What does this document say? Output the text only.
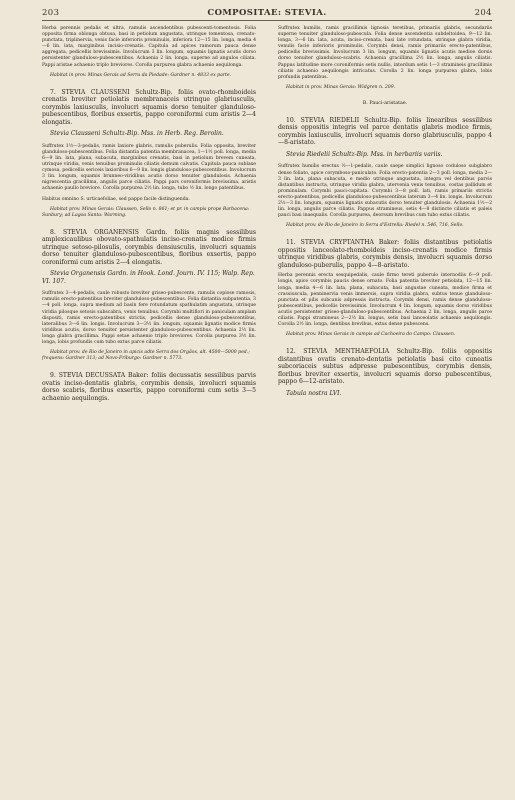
203	COMPOSITAE: STEVIA.	204

Herba perennis pedalis et ultra, ramulis ascendentibus pubescenti-tomentosis. Folia opposita firma oblonga obtusa, basi in petiolum angustata, utrinque tomentosa, crenato-punctata, triplinervia, venis facie inferioris prominulis, inferiora 12—15 lin. longa, media 4—6 lin. lata, marginibus incisio-crenatis. Capitula ad apices ramorum pauca dense aggregata, pedicellis brevissimis. Involucrum 3 lin. longum, squamis lignatis acutis dorso persistenter glanduloso-pubescentibus. Achaenia 2 lin. longa, superne ad angulos ciliata. Pappi aristae achaenio triplo breviores. Corolla purpurea glabra achaenio aequilonga.

Habitat in prov. Minas Gerais ad Serra da Piedade: Gardner n. 4833 ex parte.

7. STEVIA CLAUSSENI Schultz-Bip. foliis ovato-rhomboideis crenatis breviter petiolatis membranaceis utrinque glabriusculis, corymbis laxiusculis, involucri squamis dorso tenuiter glanduloso-pubescentibus, floribus exsertis, pappo coroniformi cum aristis 2—4 elongatis.

Stevia Clausseni Schultz-Bip. Mss. in Herb. Reg. Berolin.

Suffrutex 1½—3-pedalis, ramis laxiore glabris, ramulis puberulis. Folia opposita, breviter glanduloso-pubescentibus. Folia distantia patentia membranacea, 1—1½ poll. longa, media 6—9 lin. lata, plana, subacuta, marginibus crenatis, basi in petiolum brevem cuneata, utrinque viridia, venis tenuibus prominulis ciliatis demum calvatis. Capitula pauca sublaxe cymosa, pedicellis sericeis laxioribus 6—9 lin. longis glanduloso-pubescentibus. Involucrum 3 lin. longum, squamis brunneo-viridibus acutis dorso tenuiter glandulosis. Achaenia nigrescentia gracillima, angulis parce ciliatis. Pappi pars coroniformis brevissima, aristis achaenio paullo breviore. Corolla purpurea 2½ lin. longa, tubo ½ lin. longo patentibus.

Habitus omnino S. urticaefoliae, sed pappo facile distinguenda.

Habitat prov. Minas Gerais: Claussen, Sello n. 861; et pr. in campis prope Barbacena: Sunbury; ad Lagoa Santa: Warming.

8. STEVIA ORGANENSIS Gardn. foliis magnis sessilibus amplexicaulibus obovato-spathulatis inciso-crenatis modice firmis utrinque setoso-pilosulis, corymbis densiusculis, involucri squamis dorso tenuiter glanduloso-pubescentibus, floribus exsertis, pappo coroniformi cum aristis 2—4 elongatis.

Stevia Organensis Gardn. in Hook. Lond. Journ. IV. 115; Walp. Rep. VI. 107.

Suffrutex 3—4-pedalis, caule robusto breviter griseo-pubescente, ramulis copiose ramosis, ramulis erecto-patentibus breviter glanduloso-pubescentibus. Folia distantia subpatentia, 3—4 poll. longa, supra medium ad basin fere rotundatum spathulatim angustata, utrinque viridia pilosque setosis subscabra, venis tenuibus. Corymbi multiflori in paniculam amplam dispositi, ramis erecto-patentibus strictis, pedicellis dense glanduloso-pubescentibus, lateralibus 3—6 lin. longis. Involucrum 3—3½ lin. longum, squamis lignatis modice firmis viridibus acutis, dorso tenuiter persistenter glanduloso-pubescentibus. Achaenia 2½ lin. longa glabra gracillima. Pappi setae achaenio triplo breviores. Corolla purpurea 3½ lin. longa, lobis profundis cum tubo extus parce ciliatis.

Habitat prov. de Rio de Janeiro in apicis adte Serra dos Orgãos, alt. 4500—5000 ped.; frequens: Gardner 313; ad Novo-Friburgo: Gardner n. 5773.

9. STEVIA DECUSSATA Baker: foliis decussatis sessilibus parvis ovatis inciso-dentatis glabris, corymbis densis, involucri squamis dorso scabris, floribus exsertis, pappo coroniformi cum setis 3—5 achaenio aequilongis.

Suffrutex humilis, ramis gracillimis lignosis teretibus, primariis glabris, secundariis superne tenuiter glanduloso-pubescula. Folia dense ascendentia subdeltoidea, 9—12 lin. longa, 3—6 lin. lata, acuta, inciso-crenata, basi late rotundata, utrinque glabra viridia, venulis facie inferioris prominulis. Corymbi densi, ramis primariis erecto-patentibus, pedicellis brevissimis. Involucrum 3 lin. longum, squamis lignatis acutis medioe dorsis dorso tenuiter glanduloso-scabris. Achaenia gracillima 2½ lin. longa, angulis ciliatis. Pappus latitudine more coroniformis setis nullis, interdum setis 1—3 stramineis gracillimis ciliatis achaenio aequilongis intricatus. Corolla 2 lin. longa purpurea glabra, lobis profundis patentibus.

Habitat in prov. Minas Gerais: Widgren n. 209.

B. Pauci-aristatae.

10. STEVIA RIEDELII Schultz-Bip. foliis linearibus sessilibus densis oppositis integris vel parce dentatis glabris modice firmis, corymbis laxiusculis, involucri squamis dorso glabriusculis, pappo 4—8-aristato.

Stevia Riedelii Schultz-Bip. Mss. in herbariis variis.

Suffrutex humilis erectus ½—1-pedalis, caule saepe simplici lignoso coduloso subglabro dense foliato, apice corymboso-paniculato. Folia erecto-patentia 2—3 poll. longa, media 2—3 lin. lata, plana subacuta, e medio utrinque angustata, integra vel dentibus parvis distantibus instructa, utrinque viridia glabra, utervenia venis tenuibus, costas pallidum et prominulam. Corymbi pauci-capitata. Corymbi 3—8 poll. lati, ramis primariis strictis erecto-patentibus, pedicellis glanduloso-pubescentibus laterum 3—4 lin. longis. Involucrum 2½—3 lin. longum, squamis lignatis subacutis dorso tenuiter glandulosis. Achaenia 1½—2 lin. longa, angulis parce ciliatis. Pappus stramineus, setis 4—8 distincte ciliatis et paleis pauci basi inaequalis. Corolla purpurea, deorsum brevibus cum tubo extus ciliatis.

Habitat prov. de Rio de Janeiro in Serra d'Estrella: Riedel n. 546, 716, Sello.

11. STEVIA CRYPTANTHA Baker: foliis distantibus petiolatis oppositis lanceolato-rhomboideis inciso-crenatis modice firmis utrinque viridibus glabris, corymbis densis, involucri squamis dorso glanduloso-puberulis, pappo 4—8-aristato.

Herba perennis erecta sesquipedalis, caule firmo tereti puberulo internodiis 6—9 poll. longis, apice corymbis paucis dense ornato. Folia patentia breviter petiolata, 12—15 lin. longa, media 4—6 lin. lata, plana, subacuta, basi angustae cuneata, modice firma et crassiuscula, penninervia venis immersis, supra viridia glabra, subtus tenue glanduloso-punctata et pilis subcanis adpressis instructa. Corymbi densi, ramis dense glanduloso-pubescentibus, pedicellis brevissimis. Involucrum 4 lin. longum, squamis dorso viridibus acutis persistenter griseo-glanduloso-pubescentibus. Achaenia 2 lin. longa, angulis parce ciliatis. Pappi stramineus 2—2½ lin. longus, setis basi lanceolatis achaenio aequilongis. Corolla 2½ lin. longa, dentibus brevibus, extus dense pubescens.

Habitat prov. Minas Gerais in campis ad Cachoeira do Campo: Claussen.

12. STEVIA MENTHAEFOLIA Schultz-Bip. foliis oppositis distantibus ovatis crenato-dentatis petiolatis basi cito cuneatis subcoriaceis subtus adpresse pubescentibus, corymbis densis, floribus breviter exsertis, involucri squamis dorso pubescentibus, pappo 6—12-aristato.

Tabula nostra LVI.
